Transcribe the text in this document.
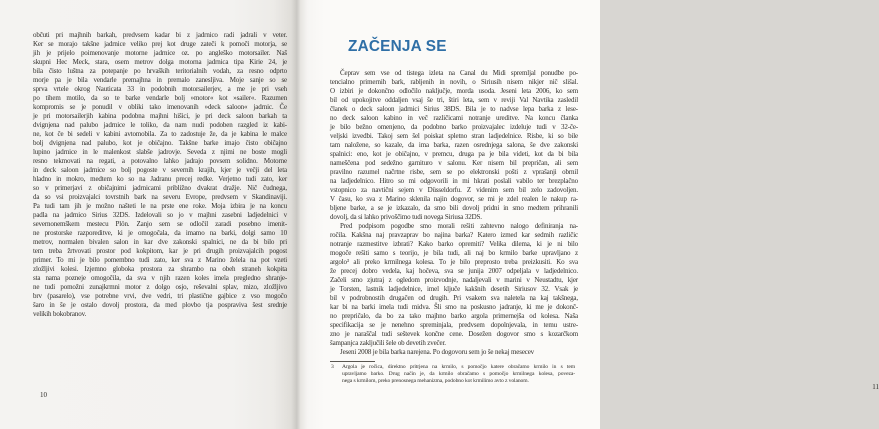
občuti pri majhnih barkah, predvsem kadar bi z jadrnico radi jadrali v veter.
Ker se morajo takšne jadrnice veliko prej kot druge zateči k pomoči motorja, se
jih je prijelo poimenovanje motorne jadrnice oz. po angleško motorsailer. Naš
skupni Hec Meck, stara, osem metrov dolga motorna jadrnica tipa Kirie 24, je
bila čisto luštna za potepanje po hrvaških teritorialnih vodah, za resno odprto
morje pa je bila vendarle premajhna in premalo zanesljiva. Moje sanje so se
sprva vrtele okrog Nauticata 33 in podobnih motorsailerjev, a me je pri vseh
po tihem motilo, da so te barke vendarle bolj »motor« kot »sailer«. Razumen
kompromis se je ponudil v obliki tako imenovanih »deck saloon« jadrnic. Če
je pri motorsailerjih kabina podobna majhni hišici, je pri deck saloon barkah ta
dvignjena nad palubo jadrnice le toliko, da nam nudi podoben razgled iz kabi-
ne, kot če bi sedeli v kabini avtomobila. Za to zadostuje že, da je kabina le malce
bolj dvignjena nad palubo, kot je običajno. Takšne barke imajo čisto običajno
lupino jadrnice in le malenkost slabše jadrovje. Seveda z njimi ne boste mogli
resno tekmovati na regati, a potovalno lahko jadrajo povsem solidno. Motorne
in deck saloon jadrnice so bolj pogoste v severnih krajih, kjer je večji del leta
hladno in mokro, medtem ko so na Jadranu precej redke. Verjetno tudi zato, ker
so v primerjavi z običajnimi jadrnicami približno dvakrat dražje. Nič čudnega,
da so vsi proizvajalci tovrstnih bark na severu Evrope, predvsem v Skandinaviji.
Pa tudi tam jih je možno našteti le na prste ene roke. Moja izbira je na koncu
padla na jadrnico Sirius 32DS. Izdelovali so jo v majhni zasebni ladjedelnici v
severnonemškem mestecu Plön. Zanjo sem se odločil zaradi posebno imenit-
ne prostorske razporeditve, ki je omogočala, da imamo na barki, dolgi samo 10
metrov, normalen bivalen salon in kar dve zakonski spalnici, ne da bi bilo pri
tem treba žrtvovati prostor pod kokpitom, kar je pri drugih proizvajalcih pogost
primer. To mi je bilo pomembno tudi zato, ker sva z Marino želela na pot vzeti
zložljivi kolesi. Izjemno globoka prostora za shrambo na obeh straneh kokpita
sta nama pozneje omogočila, da sva v njih razen koles imela pregledno shranje-
ne tudi pomožni zunajkrmni motor z dolgo osjo, reševalni splav, mizo, zložljivo
brv (pasarelo), vse potrebne vrvi, dve vedri, tri plastične gajbice z vso mogočo
šaro in še je ostalo dovolj prostora, da med plovbo tja pospraviva šest srednje
velikih bokobranov.
10
ZAČENJA SE
Čeprav sem vse od tistega izleta na Canal du Midi spremljal ponudbe po-
tencialno primernih bark, rabljenih in novih, o Siriusih nisem nikjer nič slišal.
O izbiri je dokončno odločilo naključje, morda usoda. Jeseni leta 2006, ko sem
bil od upokojitve oddaljen vsaj še tri, štiri leta, sem v reviji Val Navtika zasledil
članek o deck saloon jadrnici Sirius 38DS. Bila je to nadvse lepa barka z lese-
no deck saloon kabino in več različicami notranje ureditve. Na koncu članka
je bilo bežno omenjeno, da podobno barko proizvajalec izdeluje tudi v 32-če-
veljski izvedbi. Takoj sem šel poiskat spletno stran ladjedelnice. Risbe, ki so bile
tam naložene, so kazale, da ima barka, razen osrednjega salona, še dve zakonski
spalnici: eno, kot je običajno, v premcu, druga pa je bila videti, kot da bi bila
nameščena pod sedežno garnituro v salonu. Ker nisem bil prepričan, ali sem
pravilno razumel načrtne risbe, sem se po elektronski pošti z vprašanji obrnil
na ladjedelnico. Hitro so mi odgovorili in mi hkrati poslali vabilo ter brezplačno
vstopnico za navtični sejem v Düsseldorfu. Z videnim sem bil zelo zadovoljen.
V času, ko sva z Marino sklenila najin dogovor, se mi je zdel realen le nakup ra-
bljene barke, a se je izkazalo, da smo bili dovolj pridni in smo medtem prihranili
dovolj, da si lahko privoščimo tudi novega Siriusa 32DS.
Pred podpisom pogodbe smo morali rešiti zahtevno nalogo definiranja na-
ročila. Kakšna naj pravzaprav bo najina barka? Katero izmed kar sedmih različic
notranje razmestitve izbrati? Kako barko opremiti? Velika dilema, ki je ni bilo
mogoče rešiti samo s teorijo, je bila tudi, ali naj bo krmilo barke upravljano z
argolo³ ali preko krmilnega kolesa. To je bilo preprosto treba preizkusiti. Ko sva
že precej dobro vedela, kaj hočeva, sva se junija 2007 odpeljala v ladjedelnico.
Začeli smo zjutraj z ogledom proizvodnje, nadaljevali v marini v Neustadtu, kjer
je Torsten, lastnik ladjedelnice, imel ključe kakšnih desetih Siriusov 32. Vsak je
bil v podrobnostih drugačen od drugih. Pri vsakem sva naletela na kaj takšnega,
kar bi na barki imela tudi midva. Šli smo na poskusno jadranje, ki me je dokonč-
no prepričalo, da bo za tako majhno barko argola primernejša od kolesa. Naša
specifikacija se je nenehno spreminjala, predvsem dopolnjevala, in temu ustre-
zno je naraščal tudi seštevek končne cene. Dosežen dogovor smo s kozarčkom
šampanjca zaključili šele ob devetih zvečer.
Jeseni 2008 je bila barka narejena. Po dogovoru sem jo še nekaj mesecev
3 Argola je ročica, direktno pritrjena na krmilo, s pomočjo katere obračamo krmilo in s tem
upravljamo barko. Drug način je, da krmilo obračamo s pomočjo krmilnega kolesa, poveza-
nega s krmilom, preko prenosnega mehanizma, podobno kot krmilimo avto z volanom.
11
